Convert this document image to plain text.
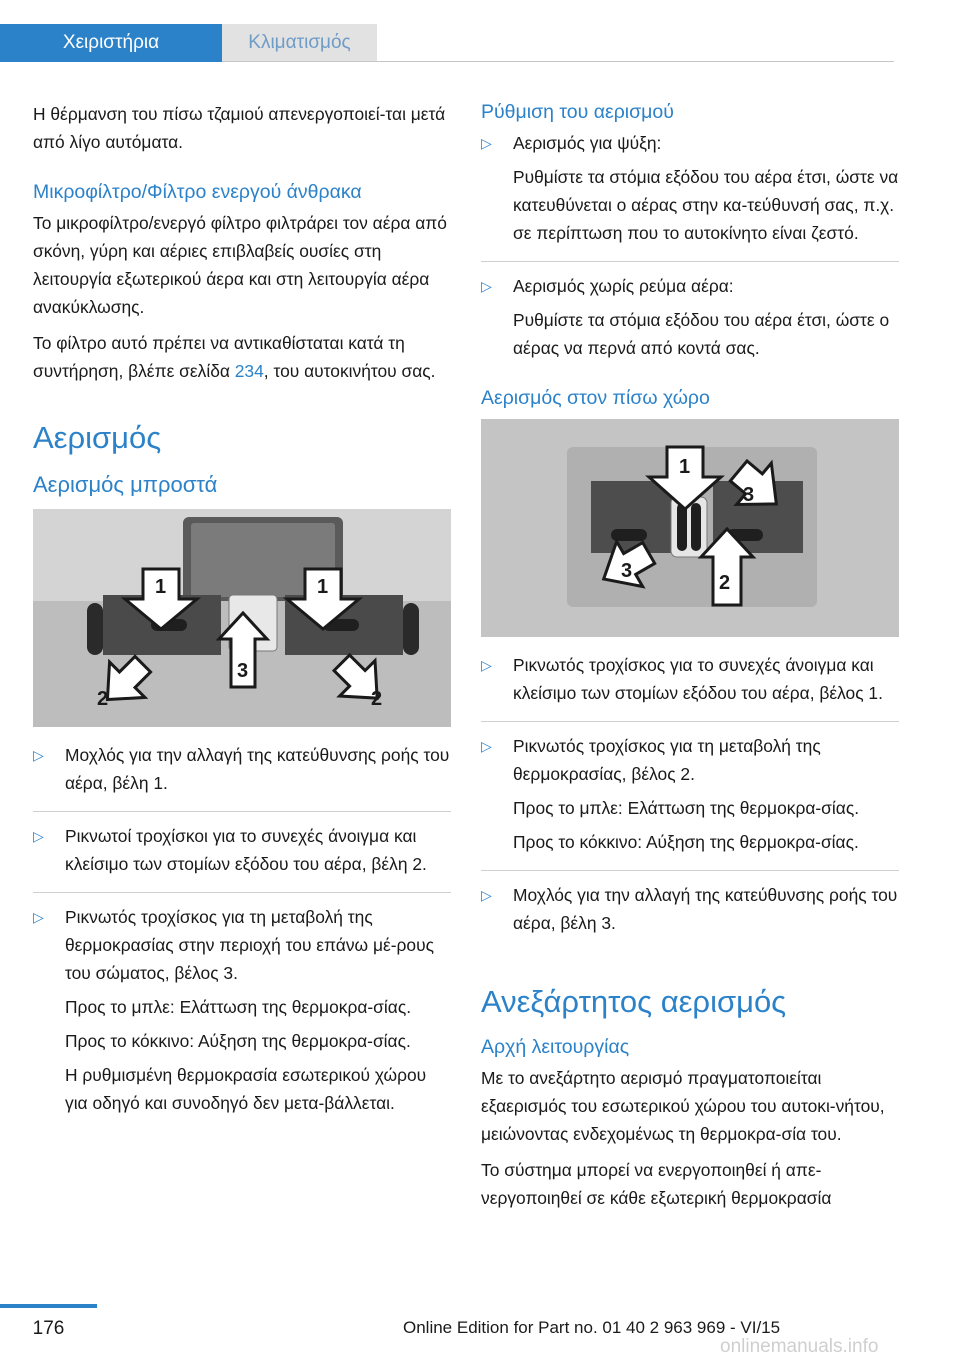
Χειριστήρια	Κλιματισμός

Η θέρμανση του πίσω τζαμιού απενεργοποιεί-ται μετά από λίγο αυτόματα.

Μικροφίλτρο/Φίλτρο ενεργού άνθρακα

Το μικροφίλτρο/ενεργό φίλτρο φιλτράρει τον αέρα από σκόνη, γύρη και αέριες επιβλαβείς ουσίες στη λειτουργία εξωτερικού άερα και στη λειτουργία αέρα ανακύκλωσης.

Το φίλτρο αυτό πρέπει να αντικαθίσταται κατά τη συντήρηση, βλέπε σελίδα 234, του αυτοκινήτου σας.

Αερισμός
Αερισμός μπροστά
1	1
2
3
2
▷ Μοχλός για την αλλαγή της κατεύθυνσης ροής του αέρα, βέλη 1.

▷ Ρικνωτοί τροχίσκοι για το συνεχές άνοιγμα και κλείσιμο των στομίων εξόδου του αέρα, βέλη 2.

▷ Ρικνωτός τροχίσκος για τη μεταβολή της θερμοκρασίας στην περιοχή του επάνω μέ-ρους του σώματος, βέλος 3.

Προς το μπλε: Ελάττωση της θερμοκρα-σίας.

Προς το κόκκινο: Αύξηση της θερμοκρα-σίας.

Η ρυθμισμένη θερμοκρασία εσωτερικού χώρου για οδηγό και συνοδηγό δεν μετα-βάλλεται.

Ρύθμιση του αερισμού
▷ Αερισμός για ψύξη:

Ρυθμίστε τα στόμια εξόδου του αέρα έτσι, ώστε να κατευθύνεται ο αέρας στην κα-τεύθυνσή σας, π.χ. σε περίπτωση που το αυτοκίνητο είναι ζεστό.

▷ Αερισμός χωρίς ρεύμα αέρα:

Ρυθμίστε τα στόμια εξόδου του αέρα έτσι, ώστε ο αέρας να περνά από κοντά σας.

Αερισμός στον πίσω χώρο
1
3
3
2
▷ Ρικνωτός τροχίσκος για το συνεχές άνοιγμα και κλείσιμο των στομίων εξόδου του αέρα, βέλος 1.

▷ Ρικνωτός τροχίσκος για τη μεταβολή της θερμοκρασίας, βέλος 2.

Προς το μπλε: Ελάττωση της θερμοκρα-σίας.

Προς το κόκκινο: Αύξηση της θερμοκρα-σίας.

▷ Μοχλός για την αλλαγή της κατεύθυνσης ροής του αέρα, βέλη 3.

Ανεξάρτητος αερισμός
Αρχή λειτουργίας

Με το ανεξάρτητο αερισμό πραγματοποιείται εξαερισμός του εσωτερικού χώρου του αυτοκι-νήτου, μειώνοντας ενδεχομένως τη θερμοκρα-σία του.

Το σύστημα μπορεί να ενεργοποιηθεί ή απε-νεργοποιηθεί σε κάθε εξωτερική θερμοκρασία

176	Online Edition for Part no. 01 40 2 963 969 - VI/15
onlinemanuals.info
